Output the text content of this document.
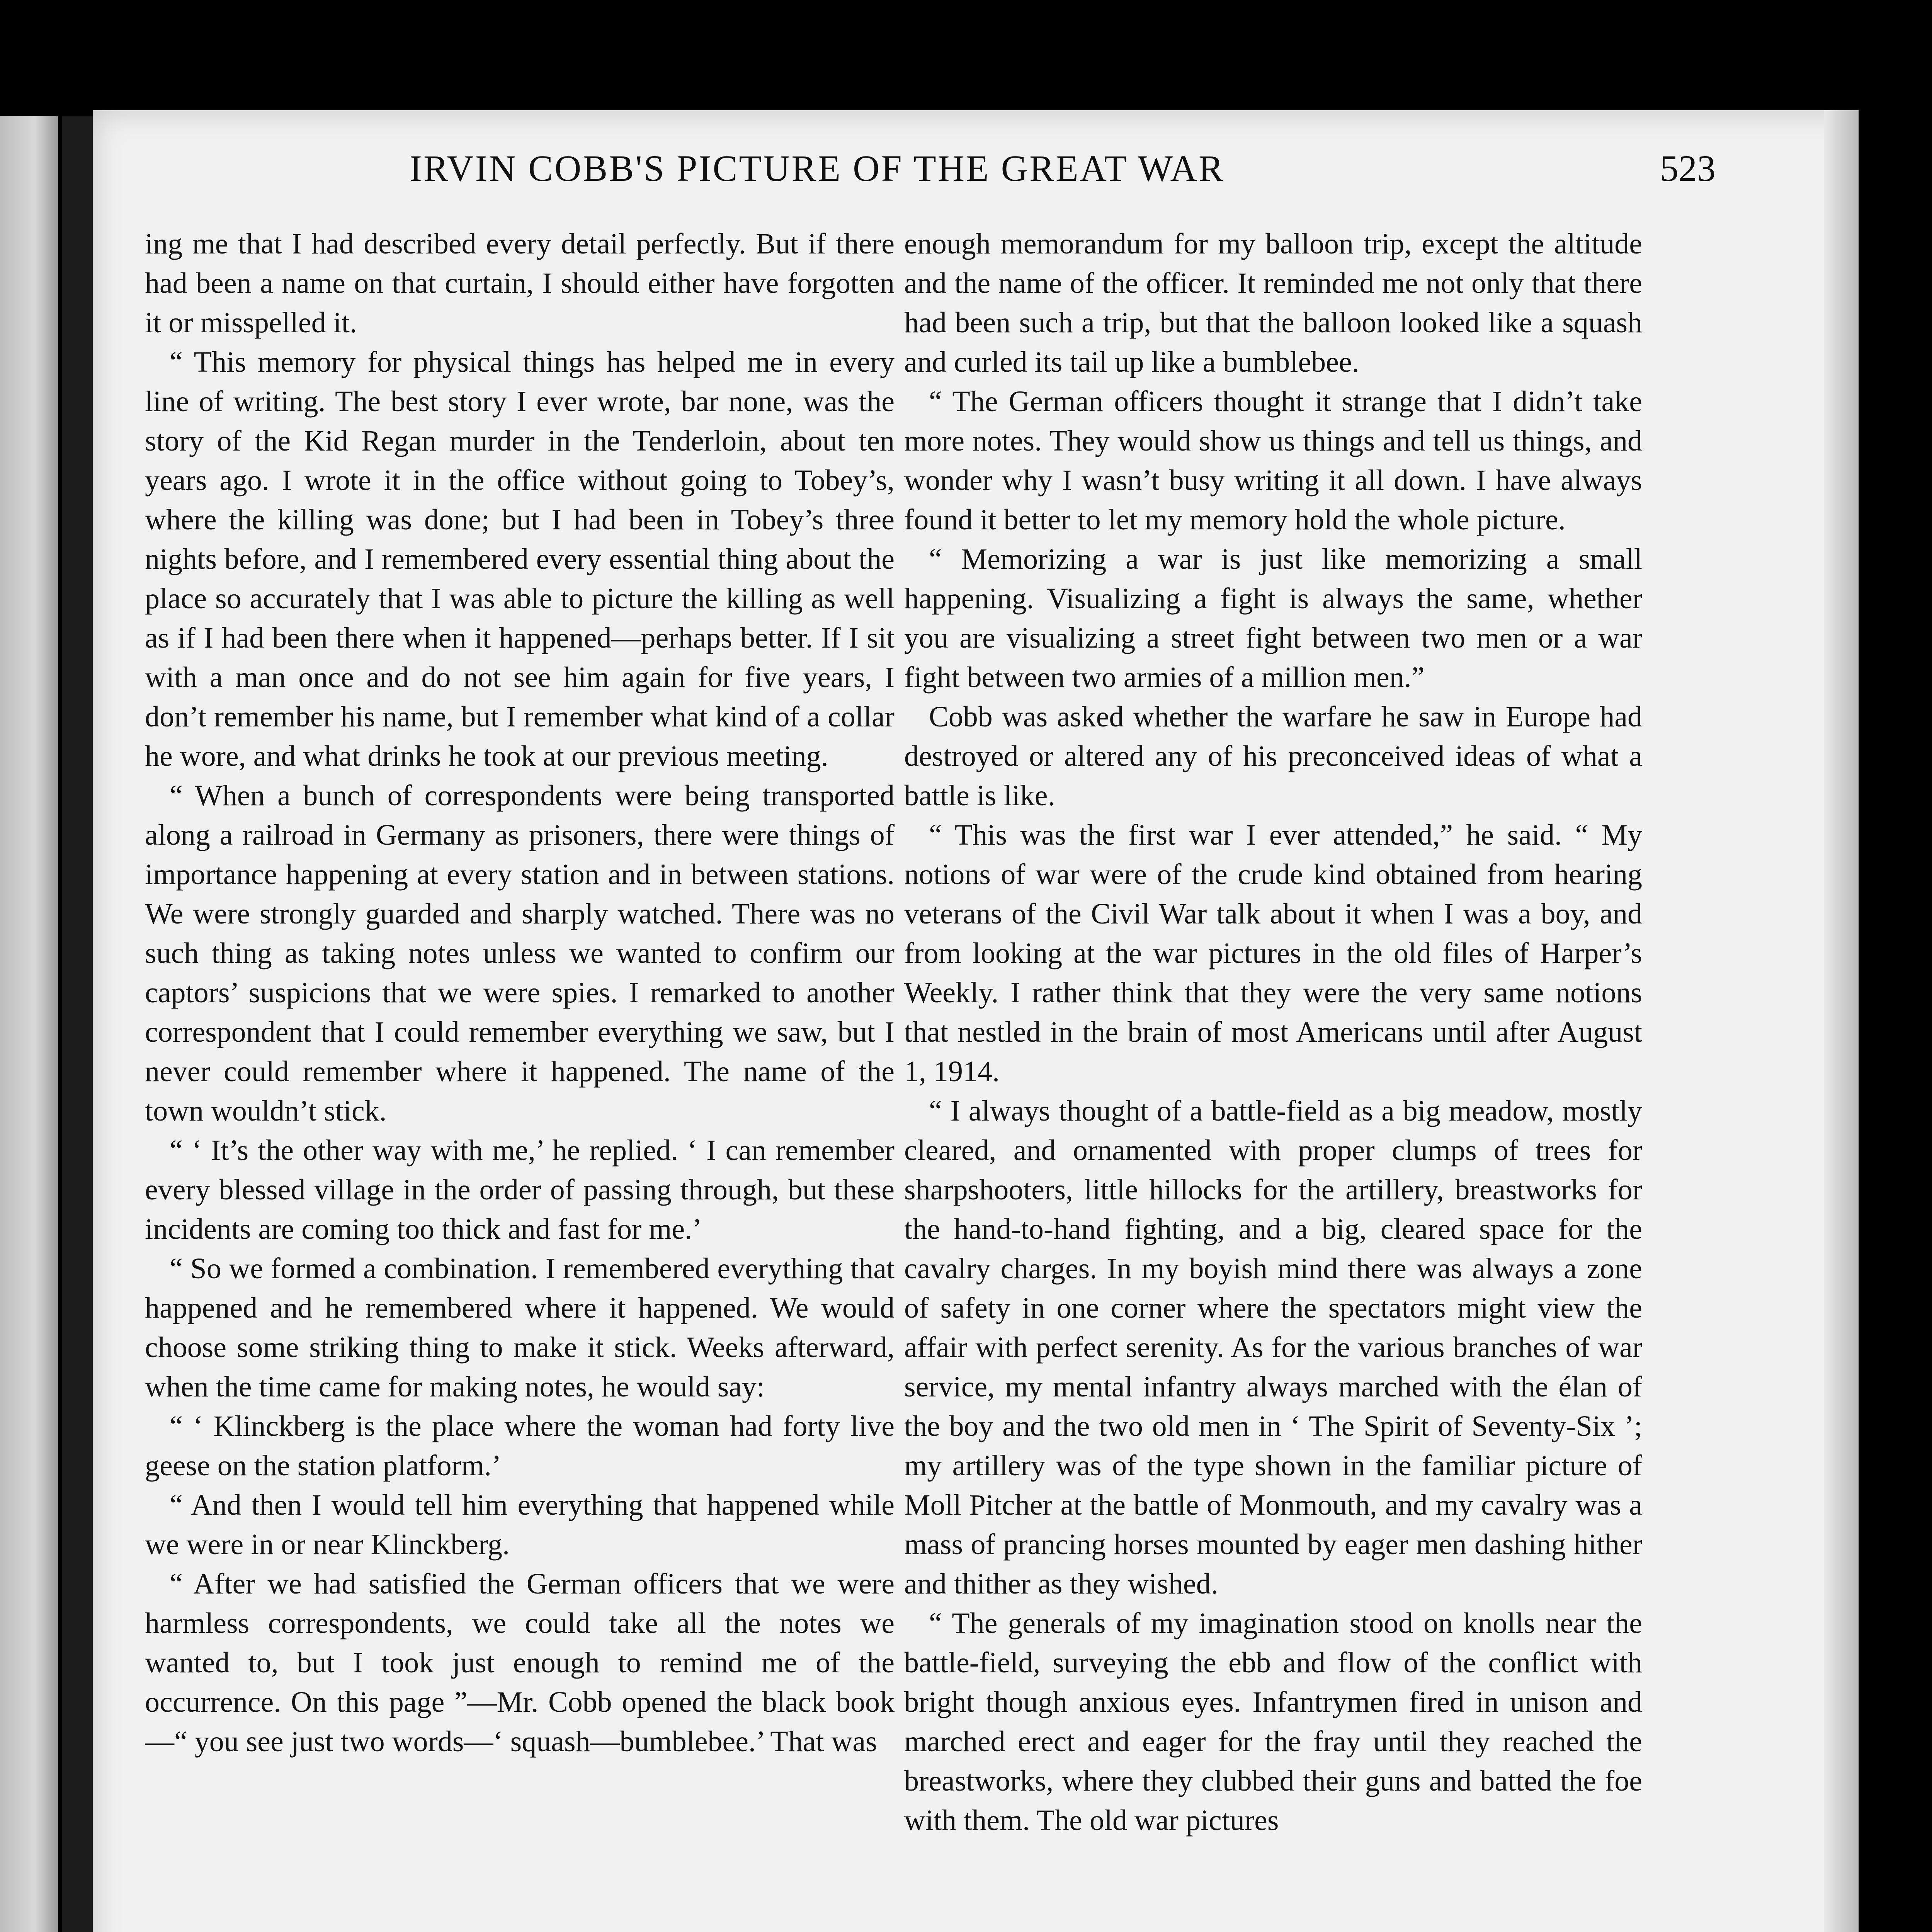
IRVIN COBB'S PICTURE OF THE GREAT WAR	523

ing me that I had described every detail perfectly. But if there had been a name on that curtain, I should either have forgotten it or misspelled it.

“ This memory for physical things has helped me in every line of writing. The best story I ever wrote, bar none, was the story of the Kid Regan murder in the Tenderloin, about ten years ago. I wrote it in the office without going to Tobey’s, where the killing was done; but I had been in Tobey’s three nights before, and I remembered every essential thing about the place so accurately that I was able to picture the killing as well as if I had been there when it happened—perhaps better. If I sit with a man once and do not see him again for five years, I don’t remember his name, but I remember what kind of a collar he wore, and what drinks he took at our previous meeting.

“ When a bunch of correspondents were being transported along a railroad in Germany as prisoners, there were things of importance happening at every station and in between stations. We were strongly guarded and sharply watched. There was no such thing as taking notes unless we wanted to confirm our captors’ suspicions that we were spies. I remarked to another correspondent that I could remember everything we saw, but I never could remember where it happened. The name of the town wouldn’t stick.

“ ‘ It’s the other way with me,’ he replied. ‘ I can remember every blessed village in the order of passing through, but these incidents are coming too thick and fast for me.’

“ So we formed a combination. I remembered everything that happened and he remembered where it happened. We would choose some striking thing to make it stick. Weeks afterward, when the time came for making notes, he would say:

“ ‘ Klinckberg is the place where the woman had forty live geese on the station platform.’

“ And then I would tell him everything that happened while we were in or near Klinckberg.

“ After we had satisfied the German officers that we were harmless correspondents, we could take all the notes we wanted to, but I took just enough to remind me of the occurrence. On this page ”—Mr. Cobb opened the black book—“ you see just two words—‘ squash—bumblebee.’ That was

enough memorandum for my balloon trip, except the altitude and the name of the officer. It reminded me not only that there had been such a trip, but that the balloon looked like a squash and curled its tail up like a bumblebee.

“ The German officers thought it strange that I didn’t take more notes. They would show us things and tell us things, and wonder why I wasn’t busy writing it all down. I have always found it better to let my memory hold the whole picture.

“ Memorizing a war is just like memorizing a small happening. Visualizing a fight is always the same, whether you are visualizing a street fight between two men or a war fight between two armies of a million men.”

Cobb was asked whether the warfare he saw in Europe had destroyed or altered any of his preconceived ideas of what a battle is like.

“ This was the first war I ever attended,” he said. “ My notions of war were of the crude kind obtained from hearing veterans of the Civil War talk about it when I was a boy, and from looking at the war pictures in the old files of Harper’s Weekly. I rather think that they were the very same notions that nestled in the brain of most Americans until after August 1, 1914.

“ I always thought of a battle-field as a big meadow, mostly cleared, and ornamented with proper clumps of trees for sharpshooters, little hillocks for the artillery, breastworks for the hand-to-hand fighting, and a big, cleared space for the cavalry charges. In my boyish mind there was always a zone of safety in one corner where the spectators might view the affair with perfect serenity. As for the various branches of war service, my mental infantry always marched with the élan of the boy and the two old men in ‘ The Spirit of Seventy-Six ’; my artillery was of the type shown in the familiar picture of Moll Pitcher at the battle of Monmouth, and my cavalry was a mass of prancing horses mounted by eager men dashing hither and thither as they wished.

“ The generals of my imagination stood on knolls near the battle-field, surveying the ebb and flow of the conflict with bright though anxious eyes. Infantrymen fired in unison and marched erect and eager for the fray until they reached the breastworks, where they clubbed their guns and batted the foe with them. The old war pictures
